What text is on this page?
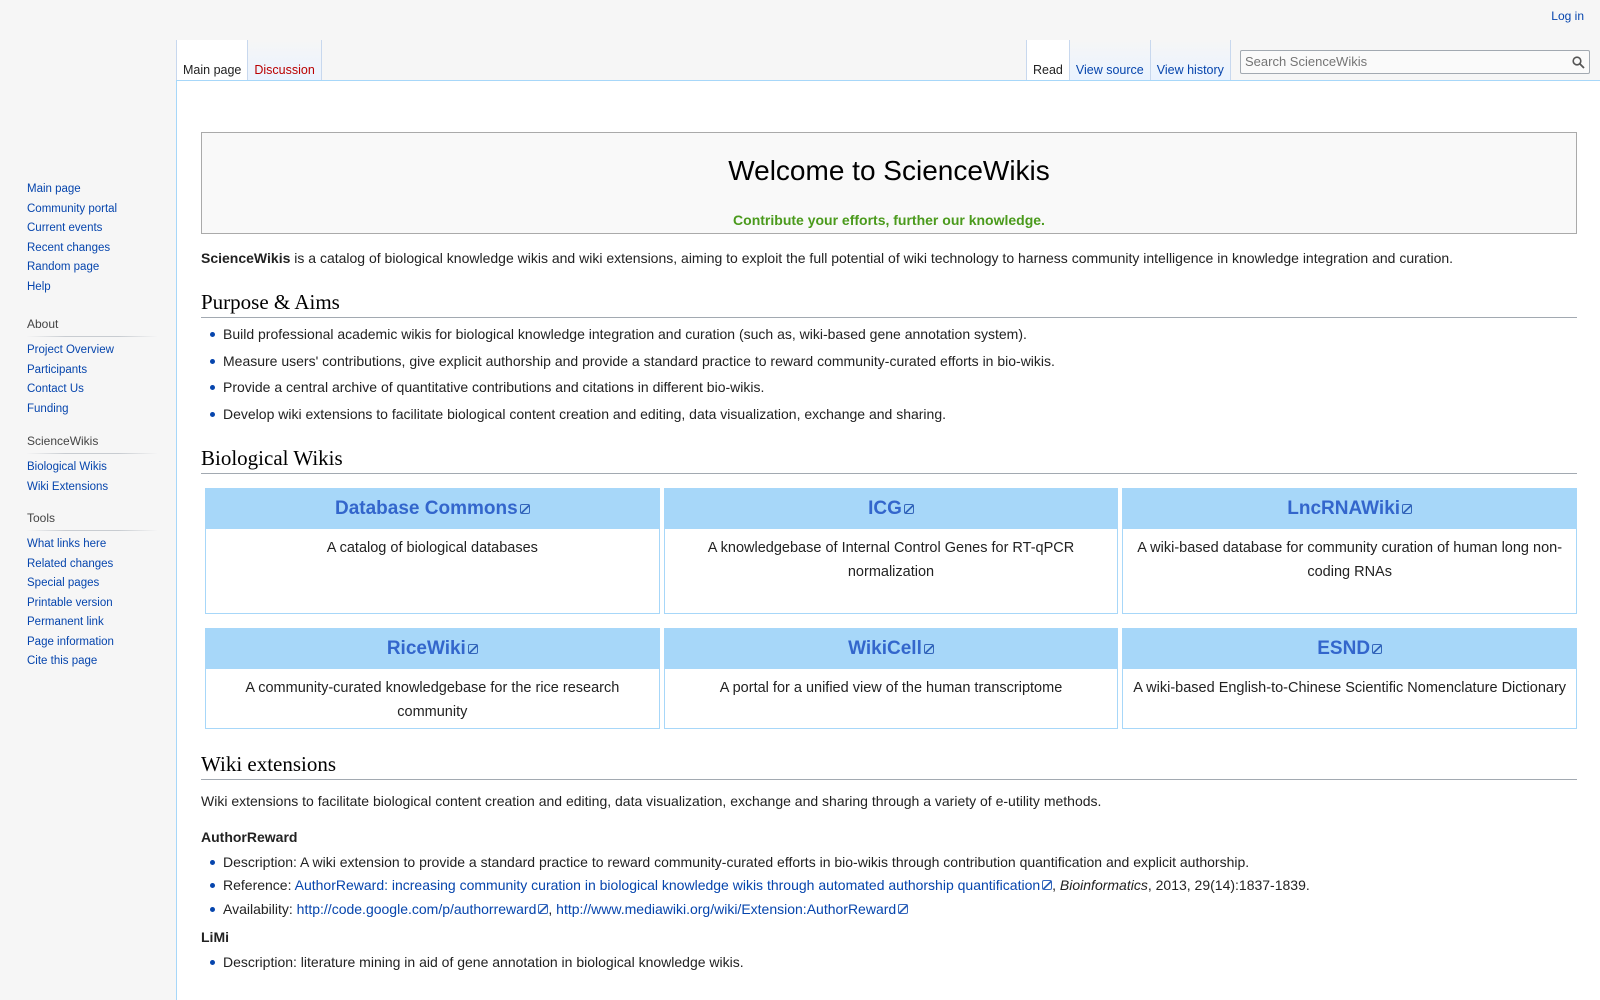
Log in
Main page
Community portal
Current events
Recent changes
Random page
Help
About
Project Overview
Participants
Contact Us
Funding
ScienceWikis
Biological Wikis
Wiki Extensions
Tools
What links here
Related changes
Special pages
Printable version
Permanent link
Page information
Cite this page
Main page	Discussion	Read	View source	View history
Search ScienceWikis
Welcome to ScienceWikis
Contribute your efforts, further our knowledge.
ScienceWikis is a catalog of biological knowledge wikis and wiki extensions, aiming to exploit the full potential of wiki technology to harness community intelligence in knowledge integration and curation.
Purpose & Aims
Build professional academic wikis for biological knowledge integration and curation (such as, wiki-based gene annotation system).
Measure users' contributions, give explicit authorship and provide a standard practice to reward community-curated efforts in bio-wikis.
Provide a central archive of quantitative contributions and citations in different bio-wikis.
Develop wiki extensions to facilitate biological content creation and editing, data visualization, exchange and sharing.
Biological Wikis
Database Commons
A catalog of biological databases
ICG
A knowledgebase of Internal Control Genes for RT-qPCR normalization
LncRNAWiki
A wiki-based database for community curation of human long non-coding RNAs
RiceWiki
A community-curated knowledgebase for the rice research community
WikiCell
A portal for a unified view of the human transcriptome
ESND
A wiki-based English-to-Chinese Scientific Nomenclature Dictionary
Wiki extensions
Wiki extensions to facilitate biological content creation and editing, data visualization, exchange and sharing through a variety of e-utility methods.
AuthorReward
Description: A wiki extension to provide a standard practice to reward community-curated efforts in bio-wikis through contribution quantification and explicit authorship.
Reference: AuthorReward: increasing community curation in biological knowledge wikis through automated authorship quantification , Bioinformatics, 2013, 29(14):1837-1839.
Availability: http://code.google.com/p/authorreward , http://www.mediawiki.org/wiki/Extension:AuthorReward
LiMi
Description: literature mining in aid of gene annotation in biological knowledge wikis.
